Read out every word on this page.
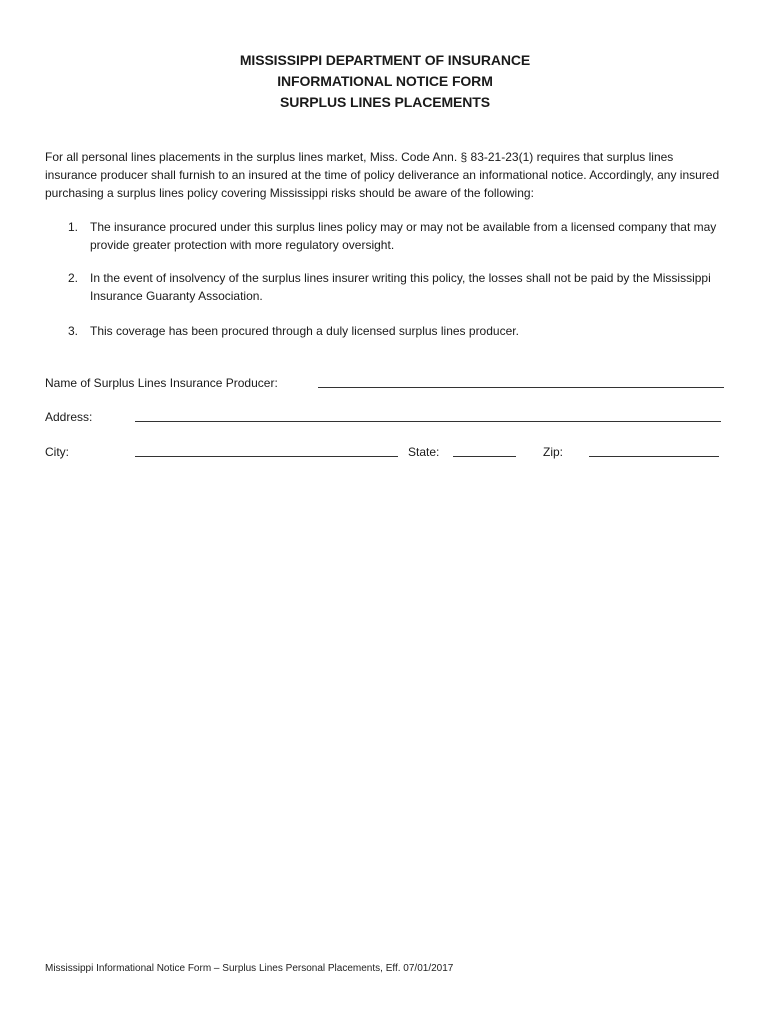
MISSISSIPPI DEPARTMENT OF INSURANCE
INFORMATIONAL NOTICE FORM
SURPLUS LINES PLACEMENTS
For all personal lines placements in the surplus lines market, Miss. Code Ann. § 83-21-23(1) requires that surplus lines insurance producer shall furnish to an insured at the time of policy deliverance an informational notice. Accordingly, any insured purchasing a surplus lines policy covering Mississippi risks should be aware of the following:
1. The insurance procured under this surplus lines policy may or may not be available from a licensed company that may provide greater protection with more regulatory oversight.
2. In the event of insolvency of the surplus lines insurer writing this policy, the losses shall not be paid by the Mississippi Insurance Guaranty Association.
3. This coverage has been procured through a duly licensed surplus lines producer.
Name of Surplus Lines Insurance Producer:
Address:
City:	State:	Zip:
Mississippi Informational Notice Form – Surplus Lines Personal Placements, Eff. 07/01/2017
